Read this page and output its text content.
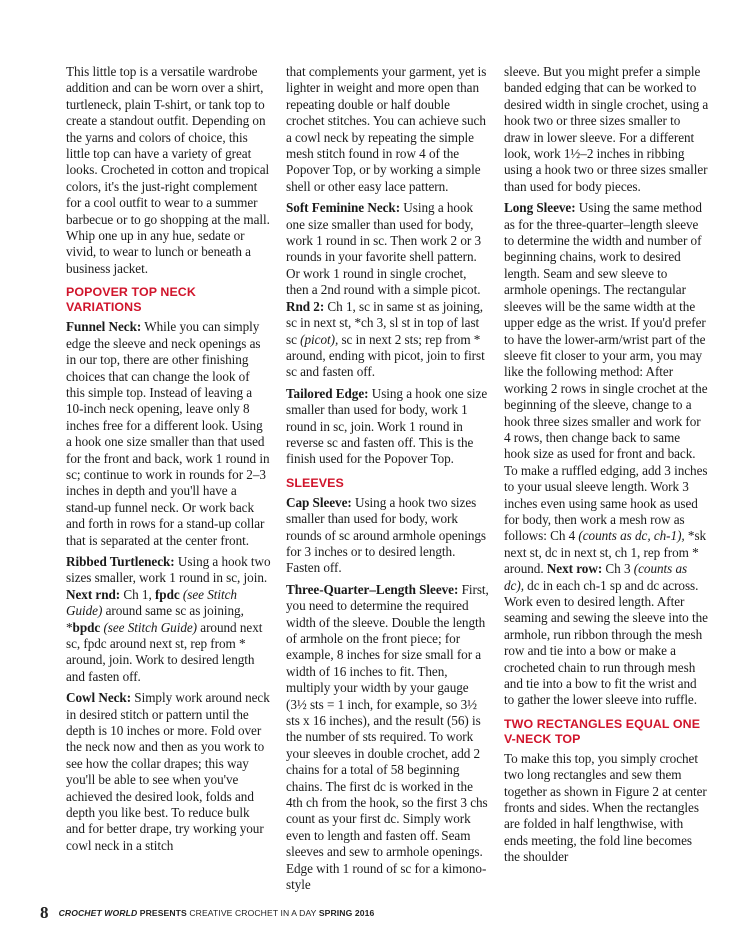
This little top is a versatile wardrobe addition and can be worn over a shirt, turtleneck, plain T-shirt, or tank top to create a standout outfit. Depending on the yarns and colors of choice, this little top can have a variety of great looks. Crocheted in cotton and tropical colors, it's the just-right complement for a cool outfit to wear to a summer barbecue or to go shopping at the mall. Whip one up in any hue, sedate or vivid, to wear to lunch or beneath a business jacket.

POPOVER TOP NECK VARIATIONS

Funnel Neck: While you can simply edge the sleeve and neck openings as in our top, there are other finishing choices that can change the look of this simple top. Instead of leaving a 10-inch neck opening, leave only 8 inches free for a different look. Using a hook one size smaller than that used for the front and back, work 1 round in sc; continue to work in rounds for 2–3 inches in depth and you'll have a stand-up funnel neck. Or work back and forth in rows for a stand-up collar that is separated at the center front.

Ribbed Turtleneck: Using a hook two sizes smaller, work 1 round in sc, join. Next rnd: Ch 1, fpdc (see Stitch Guide) around same sc as joining, *bpdc (see Stitch Guide) around next sc, fpdc around next st, rep from * around, join. Work to desired length and fasten off.

Cowl Neck: Simply work around neck in desired stitch or pattern until the depth is 10 inches or more. Fold over the neck now and then as you work to see how the collar drapes; this way you'll be able to see when you've achieved the desired look, folds and depth you like best. To reduce bulk and for better drape, try working your cowl neck in a stitch

that complements your garment, yet is lighter in weight and more open than repeating double or half double crochet stitches. You can achieve such a cowl neck by repeating the simple mesh stitch found in row 4 of the Popover Top, or by working a simple shell or other easy lace pattern.

Soft Feminine Neck: Using a hook one size smaller than used for body, work 1 round in sc. Then work 2 or 3 rounds in your favorite shell pattern. Or work 1 round in single crochet, then a 2nd round with a simple picot. Rnd 2: Ch 1, sc in same st as joining, sc in next st, *ch 3, sl st in top of last sc (picot), sc in next 2 sts; rep from * around, ending with picot, join to first sc and fasten off.

Tailored Edge: Using a hook one size smaller than used for body, work 1 round in sc, join. Work 1 round in reverse sc and fasten off. This is the finish used for the Popover Top.

SLEEVES

Cap Sleeve: Using a hook two sizes smaller than used for body, work rounds of sc around armhole openings for 3 inches or to desired length. Fasten off.

Three-Quarter–Length Sleeve: First, you need to determine the required width of the sleeve. Double the length of armhole on the front piece; for example, 8 inches for size small for a width of 16 inches to fit. Then, multiply your width by your gauge (3½ sts = 1 inch, for example, so 3½ sts x 16 inches), and the result (56) is the number of sts required. To work your sleeves in double crochet, add 2 chains for a total of 58 beginning chains. The first dc is worked in the 4th ch from the hook, so the first 3 chs count as your first dc. Simply work even to length and fasten off. Seam sleeves and sew to armhole openings. Edge with 1 round of sc for a kimono-style

sleeve. But you might prefer a simple banded edging that can be worked to desired width in single crochet, using a hook two or three sizes smaller to draw in lower sleeve. For a different look, work 1½–2 inches in ribbing using a hook two or three sizes smaller than used for body pieces.

Long Sleeve: Using the same method as for the three-quarter–length sleeve to determine the width and number of beginning chains, work to desired length. Seam and sew sleeve to armhole openings. The rectangular sleeves will be the same width at the upper edge as the wrist. If you'd prefer to have the lower-arm/wrist part of the sleeve fit closer to your arm, you may like the following method: After working 2 rows in single crochet at the beginning of the sleeve, change to a hook three sizes smaller and work for 4 rows, then change back to same hook size as used for front and back. To make a ruffled edging, add 3 inches to your usual sleeve length. Work 3 inches even using same hook as used for body, then work a mesh row as follows: Ch 4 (counts as dc, ch-1), *sk next st, dc in next st, ch 1, rep from * around. Next row: Ch 3 (counts as dc), dc in each ch-1 sp and dc across. Work even to desired length. After seaming and sewing the sleeve into the armhole, run ribbon through the mesh row and tie into a bow or make a crocheted chain to run through mesh and tie into a bow to fit the wrist and to gather the lower sleeve into ruffle.

TWO RECTANGLES EQUAL ONE V-NECK TOP

To make this top, you simply crochet two long rectangles and sew them together as shown in Figure 2 at center fronts and sides. When the rectangles are folded in half lengthwise, with ends meeting, the fold line becomes the shoulder

8 CROCHET WORLD PRESENTS CREATIVE CROCHET IN A DAY SPRING 2016
